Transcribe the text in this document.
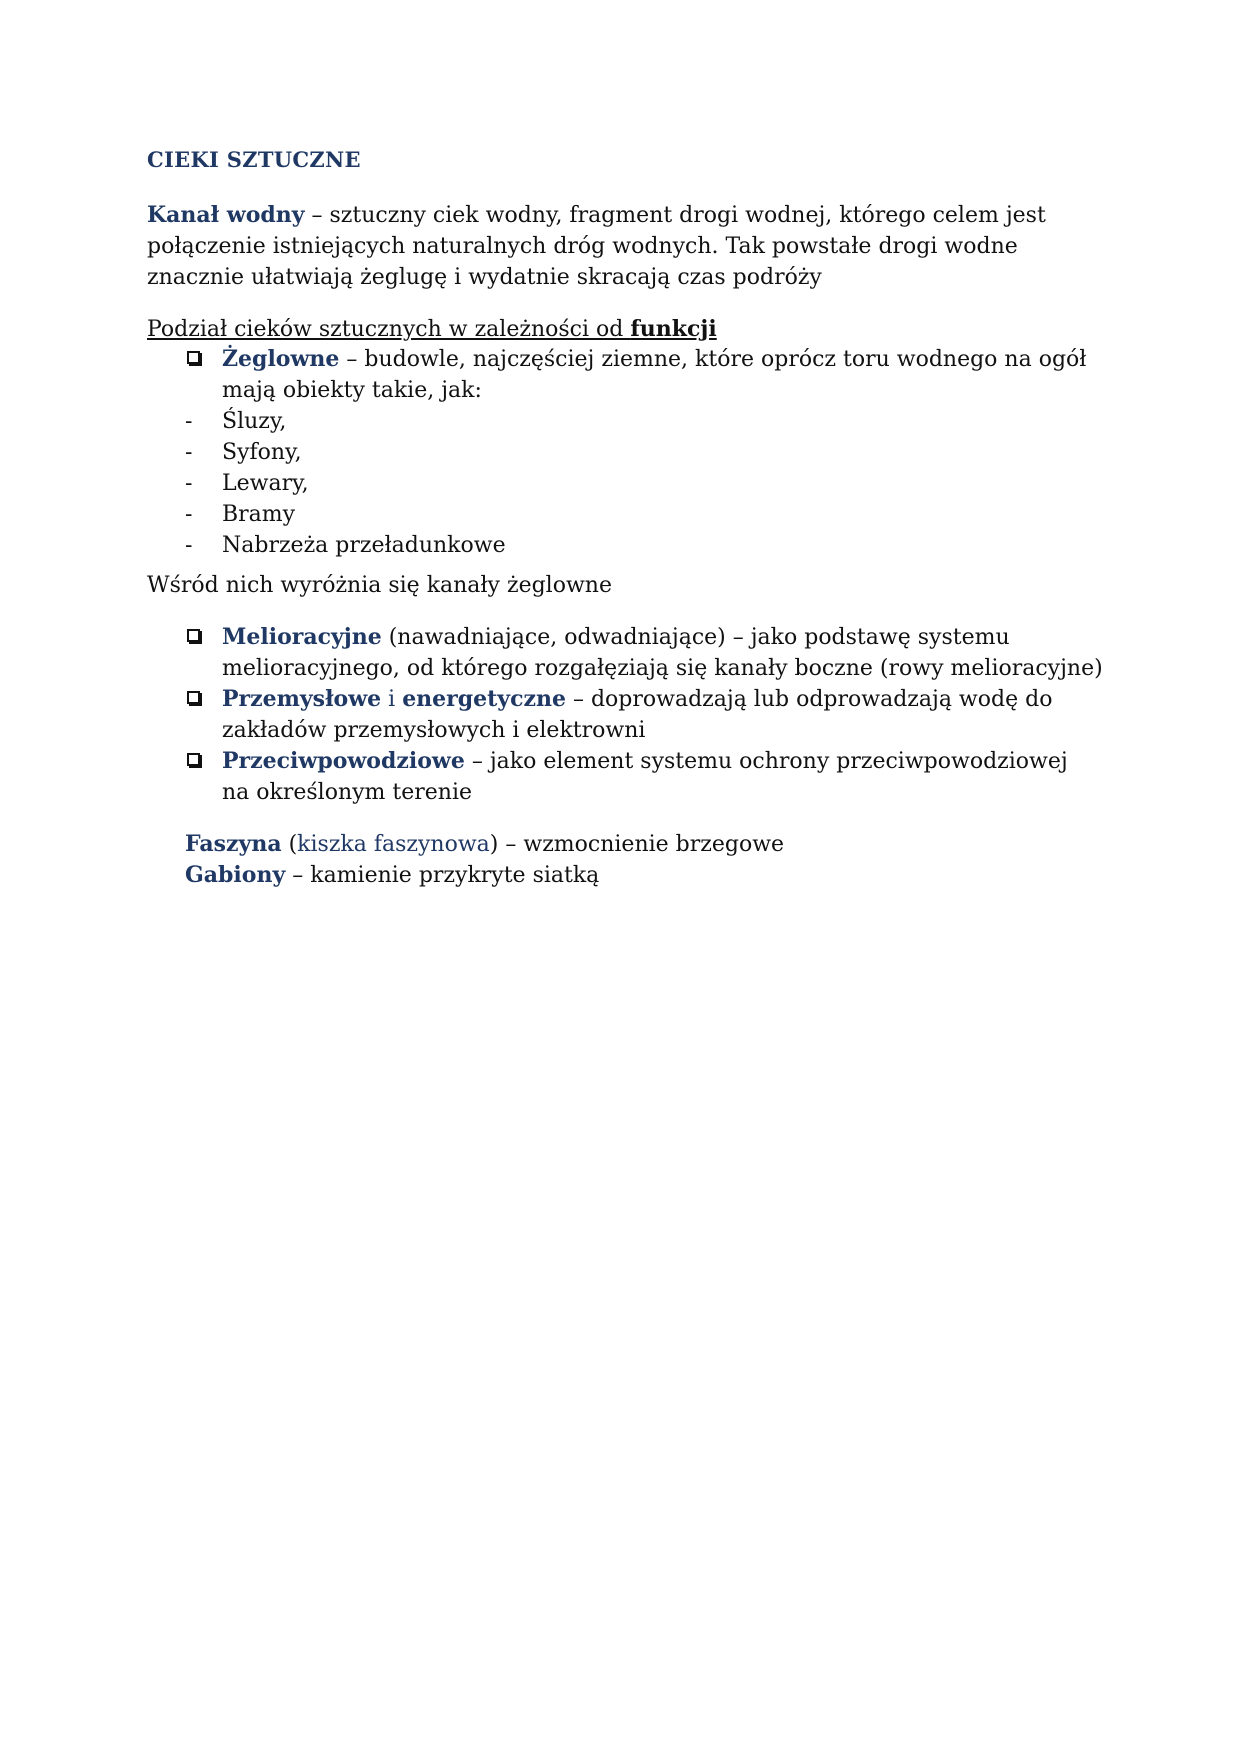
CIEKI SZTUCZNE
Kanał wodny – sztuczny ciek wodny, fragment drogi wodnej, którego celem jest
połączenie istniejących naturalnych dróg wodnych. Tak powstałe drogi wodne
znacznie ułatwiają żeglugę i wydatnie skracają czas podróży
Podział cieków sztucznych w zależności od funkcji
Żeglowne – budowle, najczęściej ziemne, które oprócz toru wodnego na ogół
mają obiekty takie, jak:
- Śluzy,
- Syfony,
- Lewary,
- Bramy
- Nabrzeża przeładunkowe
Wśród nich wyróżnia się kanały żeglowne
Melioracyjne (nawadniające, odwadniające) – jako podstawę systemu
melioracyjnego, od którego rozgałęziają się kanały boczne (rowy melioracyjne)
Przemysłowe i energetyczne – doprowadzają lub odprowadzają wodę do
zakładów przemysłowych i elektrowni
Przeciwpowodziowe – jako element systemu ochrony przeciwpowodziowej
na określonym terenie
Faszyna (kiszka faszynowa) – wzmocnienie brzegowe
Gabiony – kamienie przykryte siatką
